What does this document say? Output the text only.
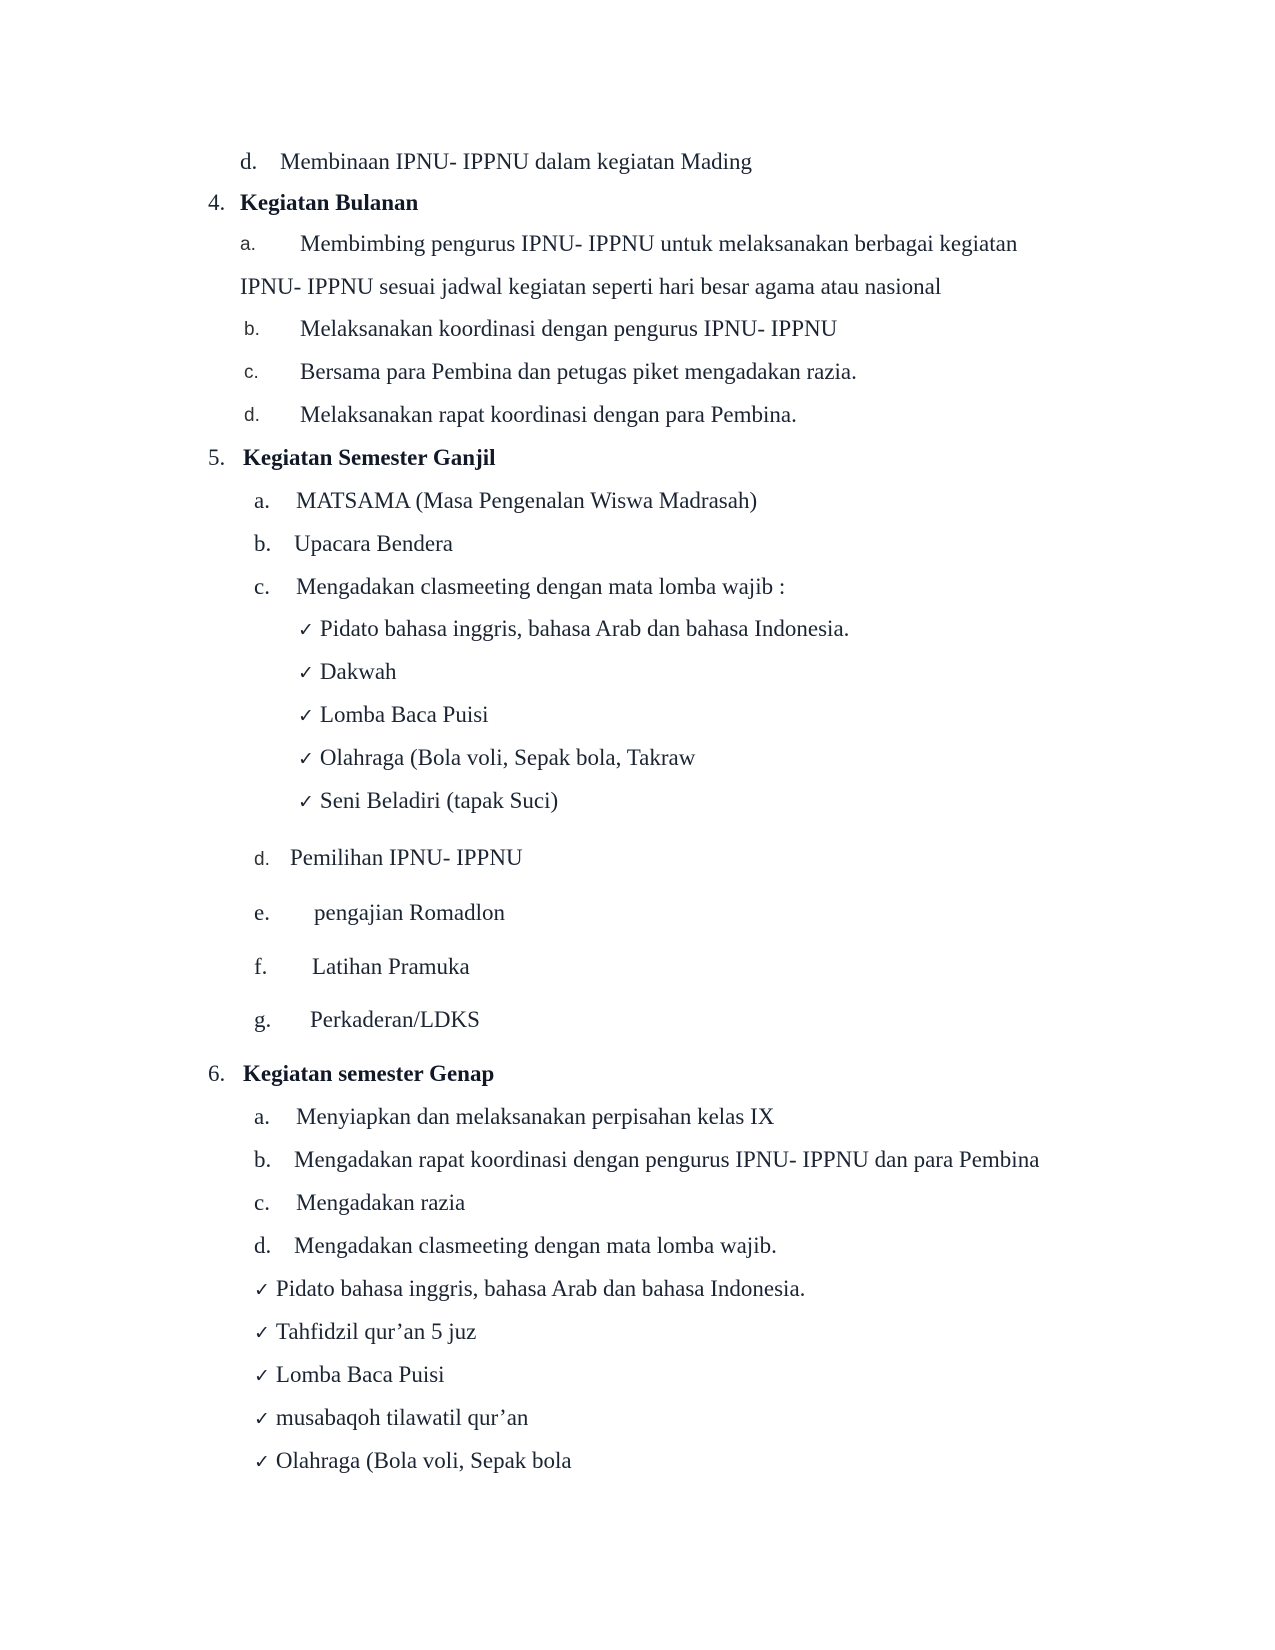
d. Membinaan IPNU- IPPNU dalam kegiatan Mading
4. Kegiatan Bulanan
a. Membimbing pengurus IPNU- IPPNU untuk melaksanakan berbagai kegiatan
IPNU- IPPNU sesuai jadwal kegiatan seperti hari besar agama atau nasional
b. Melaksanakan koordinasi dengan pengurus IPNU- IPPNU
c. Bersama para Pembina dan petugas piket mengadakan razia.
d. Melaksanakan rapat koordinasi dengan para Pembina.
5. Kegiatan Semester Ganjil
a. MATSAMA (Masa Pengenalan Wiswa Madrasah)
b. Upacara Bendera
c. Mengadakan clasmeeting dengan mata lomba wajib :
✓ Pidato bahasa inggris, bahasa Arab dan bahasa Indonesia.
✓ Dakwah
✓ Lomba Baca Puisi
✓ Olahraga (Bola voli, Sepak bola, Takraw
✓ Seni Beladiri (tapak Suci)
d. Pemilihan IPNU- IPPNU
e. pengajian Romadlon
f. Latihan Pramuka
g. Perkaderan/LDKS
6. Kegiatan semester Genap
a. Menyiapkan dan melaksanakan perpisahan kelas IX
b. Mengadakan rapat koordinasi dengan pengurus IPNU- IPPNU dan para Pembina
c. Mengadakan razia
d. Mengadakan clasmeeting dengan mata lomba wajib.
✓ Pidato bahasa inggris, bahasa Arab dan bahasa Indonesia.
✓ Tahfidzil qur’an 5 juz
✓ Lomba Baca Puisi
✓ musabaqoh tilawatil qur’an
✓ Olahraga (Bola voli, Sepak bola
